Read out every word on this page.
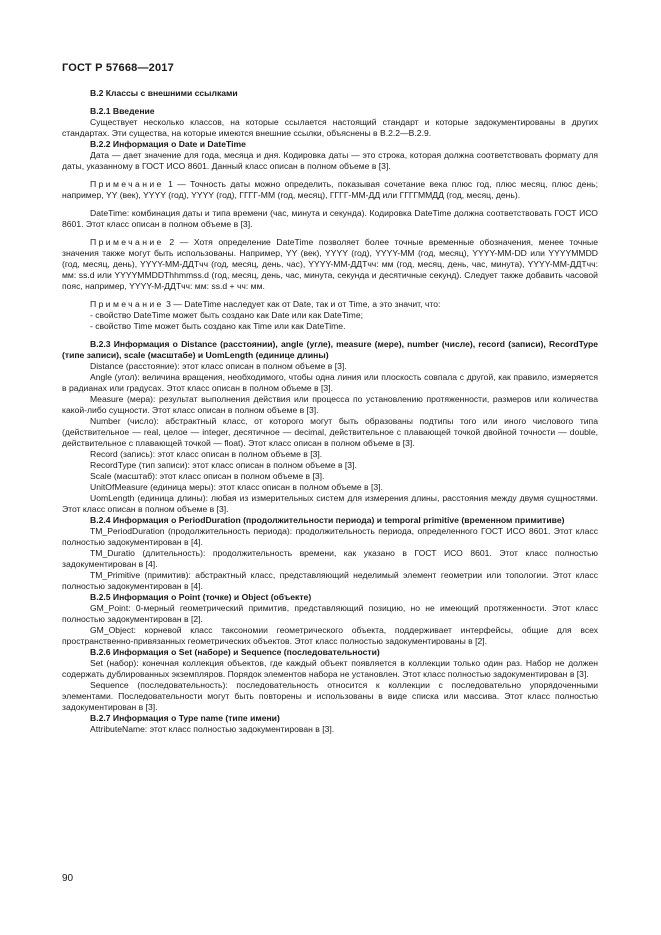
ГОСТ Р 57668—2017

В.2 Классы с внешними ссылками

В.2.1 Введение

Существует несколько классов, на которые ссылается настоящий стандарт и которые задокументированы в других стандартах. Эти существа, на которые имеются внешние ссылки, объяснены в В.2.2—В.2.9.

В.2.2 Информация о Date и DateTime

Дата — дает значение для года, месяца и дня. Кодировка даты — это строка, которая должна соответствовать формату для даты, указанному в ГОСТ ИСО 8601. Данный класс описан в полном объеме в [3].

Примечание 1 — Точность даты можно определить, показывая сочетание века плюс год, плюс месяц, плюс день; например, YY (век), YYYY (год), YYYY (год), ГГГГ-ММ (год, месяц), ГГГГ-ММ-ДД или ГГГГММДД (год, месяц, день).

DateTime: комбинация даты и типа времени (час, минута и секунда). Кодировка DateTime должна соответствовать ГОСТ ИСО 8601. Этот класс описан в полном объеме в [3].

Примечание 2 — Хотя определение DateTime позволяет более точные временные обозначения, менее точные значения также могут быть использованы. Например, YY (век), YYYY (год), YYYY-MM (год, месяц), YYYY-MM-DD или YYYYMMDD (год, месяц, день), YYYY-ММ-ДДТчч (год, месяц, день, час), YYYY-ММ-ДДТчч: мм (год, месяц, день, час, минута), YYYY-ММ-ДДТчч: мм: ss.d или YYYYMMDDThhmmss.d (год, месяц, день, час, минута, секунда и десятичные секунд). Следует также добавить часовой пояс, например, YYYY-М-ДДТчч: мм: ss.d + чч: мм.

Примечание 3 — DateTime наследует как от Date, так и от Time, а это значит, что:

- свойство DateTime может быть создано как Date или как DateTime;

- свойство Time может быть создано как Time или как DateTime.

В.2.3 Информация о Distance (расстоянии), angle (угле), measure (мере), number (числе), record (записи), RecordType (типе записи), scale (масштабе) и UomLength (единице длины)

Distance (расстояние): этот класс описан в полном объеме в [3].

Angle (угол): величина вращения, необходимого, чтобы одна линия или плоскость совпала с другой, как правило, измеряется в радианах или градусах. Этот класс описан в полном объеме в [3].

Measure (мера): результат выполнения действия или процесса по установлению протяженности, размеров или количества какой-либо сущности. Этот класс описан в полном объеме в [3].

Number (число): абстрактный класс, от которого могут быть образованы подтипы того или иного числового типа (действительное — real, целое — integer, десятичное — decimal, действительное с плавающей точкой двойной точности — double, действительное с плавающей точкой — float). Этот класс описан в полном объеме в [3].

Record (запись): этот класс описан в полном объеме в [3].

RecordType (тип записи): этот класс описан в полном объеме в [3].

Scale (масштаб): этот класс описан в полном объеме в [3].

UnitOfMeasure (единица меры): этот класс описан в полном объеме в [3].

UomLength (единица длины): любая из измерительных систем для измерения длины, расстояния между двумя сущностями. Этот класс описан в полном объеме в [3].

В.2.4 Информация о PeriodDuration (продолжительности периода) и temporal primitive (временном примитиве)

TM_PeriodDuration (продолжительность периода): продолжительность периода, определенного ГОСТ ИСО 8601. Этот класс полностью задокументирован в [4].

TM_Duratio (длительность): продолжительность времени, как указано в ГОСТ ИСО 8601. Этот класс полностью задокументирован в [4].

TM_Primitive (примитив): абстрактный класс, представляющий неделимый элемент геометрии или топологии. Этот класс полностью задокументирован в [4].

В.2.5 Информация о Point (точке) и Object (объекте)

GM_Point: 0-мерный геометрический примитив, представляющий позицию, но не имеющий протяженности. Этот класс полностью задокументирован в [2].

GM_Object: корневой класс таксономии геометрического объекта, поддерживает интерфейсы, общие для всех пространственно-привязанных геометрических объектов. Этот класс полностью задокументированы в [2].

В.2.6 Информация о Set (наборе) и Sequence (последовательности)

Set (набор): конечная коллекция объектов, где каждый объект появляется в коллекции только один раз. Набор не должен содержать дублированных экземпляров. Порядок элементов набора не установлен. Этот класс полностью задокументирован в [3].

Sequence (последовательность): последовательность относится к коллекции с последовательно упорядоченными элементами. Последовательности могут быть повторены и использованы в виде списка или массива. Этот класс полностью задокументирован в [3].

В.2.7 Информация о Type name (типе имени)

AttributeName: этот класс полностью задокументирован в [3].

90
